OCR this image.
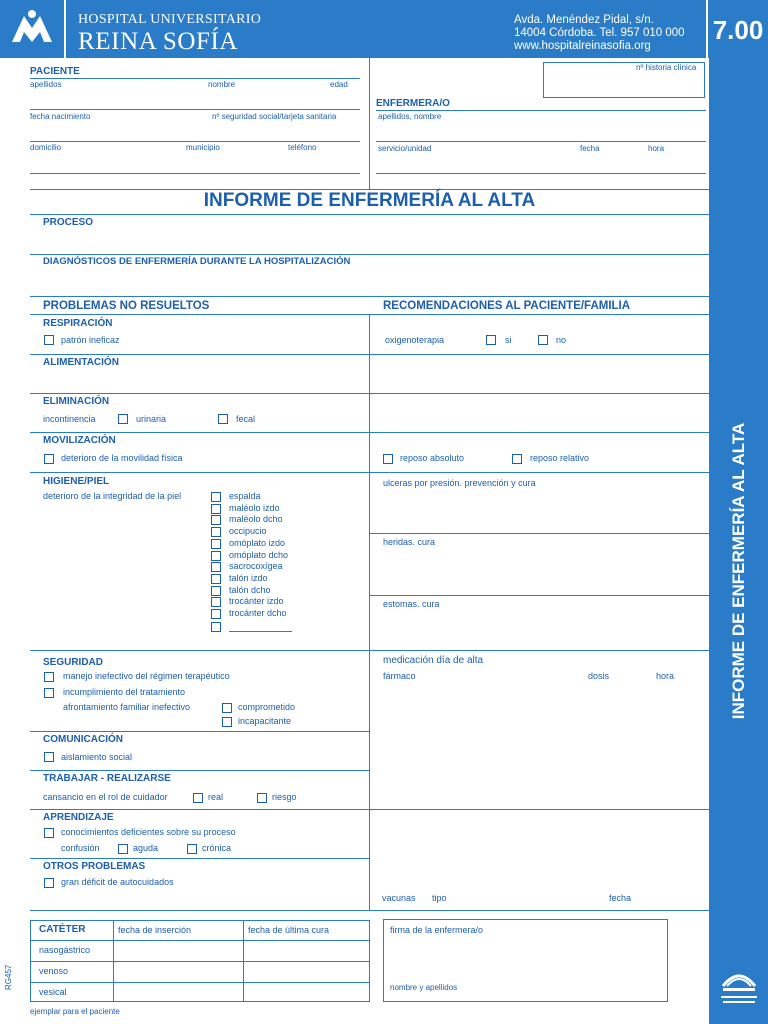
HOSPITAL UNIVERSITARIO
REINA SOFÍA
Avda. Menéndez Pidal, s/n.
14004 Córdoba. Tel. 957 010 000
www.hospitalreinasofia.org
7.00
INFORME DE ENFERMERÍA AL ALTA
PACIENTE
apellidos	nombre	edad
fecha nacimiento	nº seguridad social/tarjeta sanitaria
domicilio	municipio	teléfono
nº historia clínica
ENFERMERA/O
apellidos, nombre
servicio/unidad	fecha	hora
INFORME DE ENFERMERÍA AL ALTA
PROCESO
DIAGNÓSTICOS DE ENFERMERÍA DURANTE LA HOSPITALIZACIÓN
PROBLEMAS NO RESUELTOS	RECOMENDACIONES AL PACIENTE/FAMILIA
RESPIRACIÓN
patrón ineficaz	oxigenoterapia	si	no
ALIMENTACIÓN
ELIMINACIÓN
incontinencia	urinaria	fecal
MOVILIZACIÓN
deterioro de la movilidad física	reposo absoluto	reposo relativo
HIGIENE/PIEL
deterioro de la integridad de la piel	espalda
maléolo izdo
maléolo dcho
occipucio
omóplato izdo
omóplato dcho
sacrocoxígea
talón izdo
talón dcho
trocánter izdo
trocánter dcho
ulceras por presión. prevención y cura
heridas. cura
estomas. cura
SEGURIDAD
manejo inefectivo del régimen terapéutico
incumplimiento del tratamiento
afrontamiento familiar inefectivo	comprometido
incapacitante
medicación día de alta
fármaco	dosis	hora
COMUNICACIÓN
aislamiento social
TRABAJAR - REALIZARSE
cansancio en el rol de cuidador	real	riesgo
APRENDIZAJE
conocimientos deficientes sobre su proceso
confusión	aguda	crónica
OTROS PROBLEMAS
gran déficit de autocuidados
vacunas tipo	fecha
CATÉTER	fecha de inserción	fecha de última cura
nasogástrico
venoso
vesical
firma de la enfermera/o
nombre y apellidos
ejemplar para el paciente
RG457
